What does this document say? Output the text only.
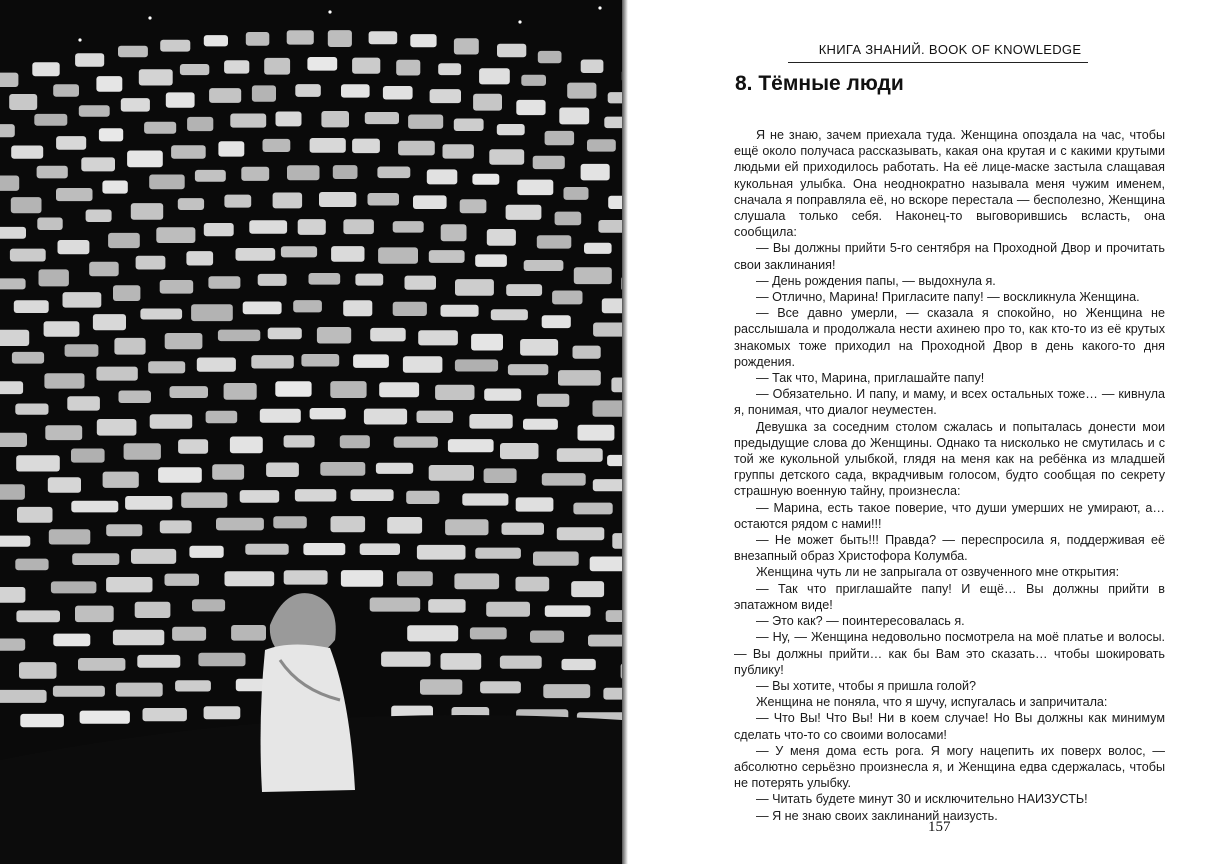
КНИГА ЗНАНИЙ. BOOK OF KNOWLEDGE
8. Тёмные люди

Я не знаю, зачем приехала туда. Женщина опоздала на час, чтобы ещё около получаса рассказывать, какая она крутая и с какими крутыми людьми ей приходилось работать. На её лице-маске застыла слащавая кукольная улыбка. Она неоднократно называла меня чужим именем, сначала я поправляла её, но вскоре перестала — бесполезно, Женщина слушала только себя. Наконец-то выговорившись всласть, она сообщила:

— Вы должны прийти 5-го сентября на Проходной Двор и прочитать свои заклинания!

— День рождения папы, — выдохнула я.

— Отлично, Марина! Пригласите папу! — воскликнула Женщина.

— Все давно умерли, — сказала я спокойно, но Женщина не расслышала и продолжала нести ахинею про то, как кто-то из её крутых знакомых тоже приходил на Проходной Двор в день какого-то дня рождения.

— Так что, Марина, приглашайте папу!

— Обязательно. И папу, и маму, и всех остальных тоже… — кивнула я, понимая, что диалог неуместен.

Девушка за соседним столом сжалась и попыталась донести мои предыдущие слова до Женщины. Однако та нисколько не смутилась и с той же кукольной улыбкой, глядя на меня как на ребёнка из младшей группы детского сада, вкрадчивым голосом, будто сообщая по секрету страшную военную тайну, произнесла:

— Марина, есть такое поверие, что души умерших не умирают, а… остаются рядом с нами!!!

— Не может быть!!! Правда? — переспросила я, поддерживая её внезапный образ Христофора Колумба.

Женщина чуть ли не запрыгала от озвученного мне открытия:

— Так что приглашайте папу! И ещё… Вы должны прийти в эпатажном виде!

— Это как? — поинтересовалась я.

— Ну, — Женщина недовольно посмотрела на моё платье и волосы. — Вы должны прийти… как бы Вам это сказать… чтобы шокировать публику!

— Вы хотите, чтобы я пришла голой?

Женщина не поняла, что я шучу, испугалась и запричитала:

— Что Вы! Что Вы! Ни в коем случае! Но Вы должны как минимум сделать что-то со своими волосами!

— У меня дома есть рога. Я могу нацепить их поверх волос, — абсолютно серьёзно произнесла я, и Женщина едва сдержалась, чтобы не потерять улыбку.

— Читать будете минут 30 и исключительно НАИЗУСТЬ!

— Я не знаю своих заклинаний наизусть.

157
